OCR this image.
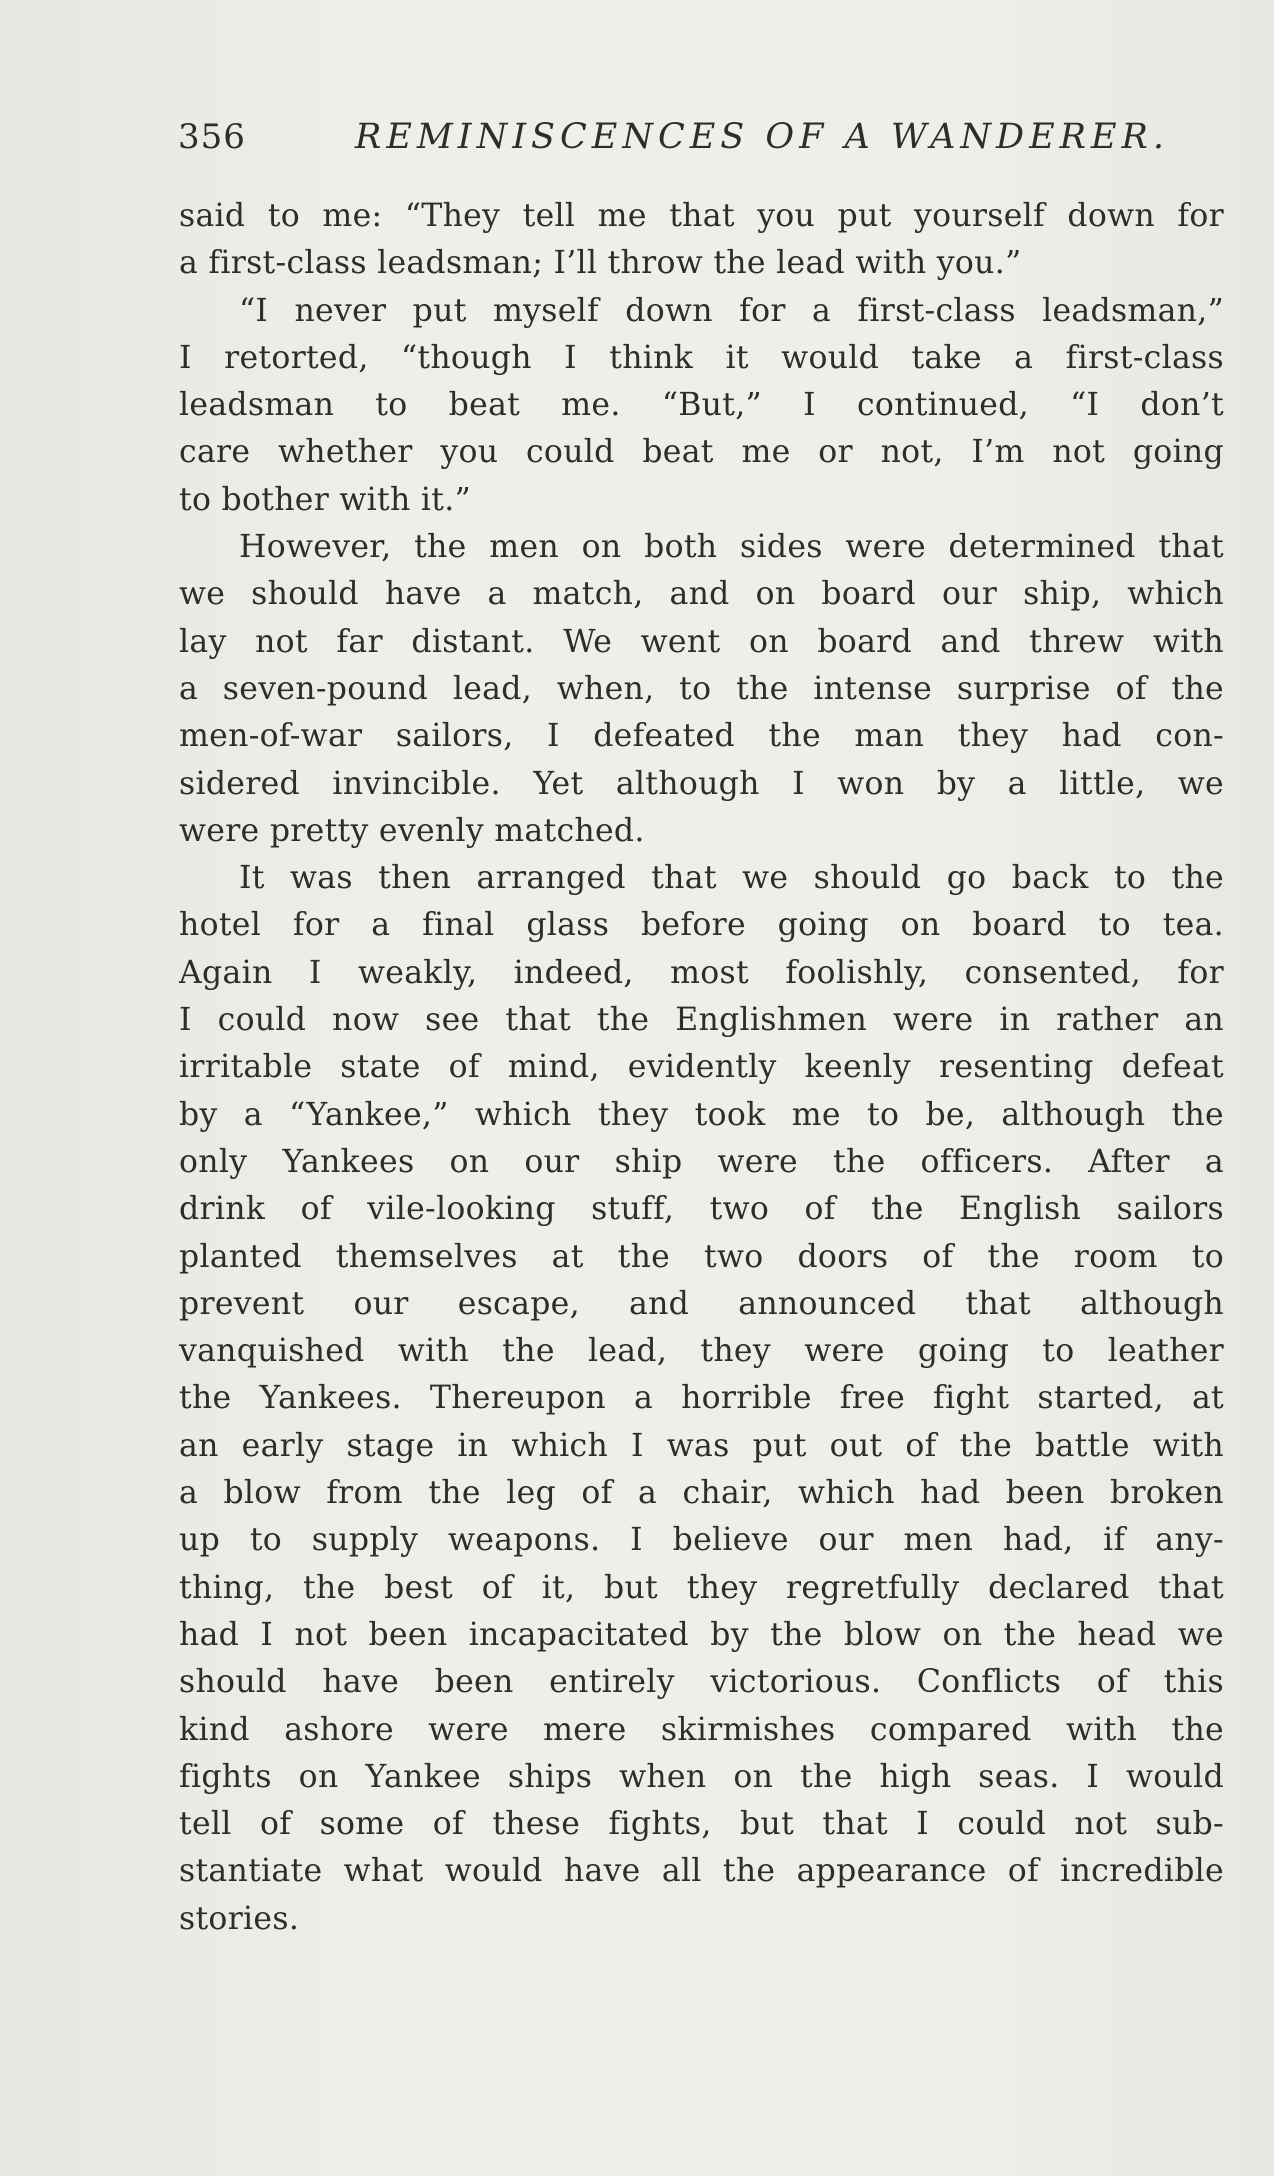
356	REMINISCENCES OF A WANDERER.
said to me: “They tell me that you put yourself down for
a first-class leadsman; I’ll throw the lead with you.”
“I never put myself down for a first-class leadsman,”
I retorted, “though I think it would take a first-class
leadsman to beat me. “But,” I continued, “I don’t
care whether you could beat me or not, I’m not going
to bother with it.”
However, the men on both sides were determined that
we should have a match, and on board our ship, which
lay not far distant. We went on board and threw with
a seven-pound lead, when, to the intense surprise of the
men-of-war sailors, I defeated the man they had con-
sidered invincible. Yet although I won by a little, we
were pretty evenly matched.
It was then arranged that we should go back to the
hotel for a final glass before going on board to tea.
Again I weakly, indeed, most foolishly, consented, for
I could now see that the Englishmen were in rather an
irritable state of mind, evidently keenly resenting defeat
by a “Yankee,” which they took me to be, although the
only Yankees on our ship were the officers. After a
drink of vile-looking stuff, two of the English sailors
planted themselves at the two doors of the room to
prevent our escape, and announced that although
vanquished with the lead, they were going to leather
the Yankees. Thereupon a horrible free fight started, at
an early stage in which I was put out of the battle with
a blow from the leg of a chair, which had been broken
up to supply weapons. I believe our men had, if any-
thing, the best of it, but they regretfully declared that
had I not been incapacitated by the blow on the head we
should have been entirely victorious. Conflicts of this
kind ashore were mere skirmishes compared with the
fights on Yankee ships when on the high seas. I would
tell of some of these fights, but that I could not sub-
stantiate what would have all the appearance of incredible
stories.
